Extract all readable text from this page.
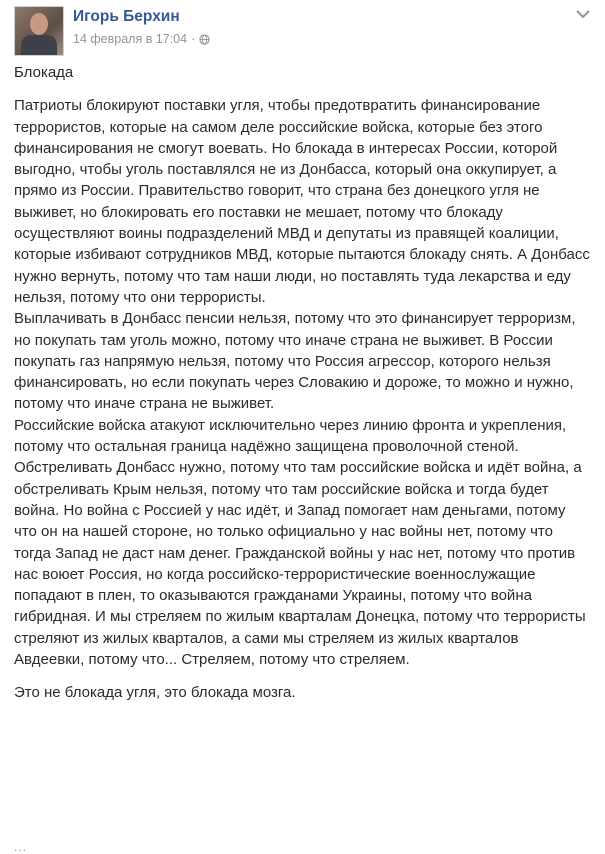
Игорь Берхин
14 февраля в 17:04 ·

Блокада

Патриоты блокируют поставки угля, чтобы предотвратить финансирование террористов, которые на самом деле российские войска, которые без этого финансирования не смогут воевать. Но блокада в интересах России, которой выгодно, чтобы уголь поставлялся не из Донбасса, который она оккупирует, а прямо из России. Правительство говорит, что страна без донецкого угля не выживет, но блокировать его поставки не мешает, потому что блокаду осуществляют воины подразделений МВД и депутаты из правящей коалиции, которые избивают сотрудников МВД, которые пытаются блокаду снять. А Донбасс нужно вернуть, потому что там наши люди, но поставлять туда лекарства и еду нельзя, потому что они террористы.

Выплачивать в Донбасс пенсии нельзя, потому что это финансирует терроризм, но покупать там уголь можно, потому что иначе страна не выживет. В России покупать газ напрямую нельзя, потому что Россия агрессор, которого нельзя финансировать, но если покупать через Словакию и дороже, то можно и нужно, потому что иначе страна не выживет.

Российские войска атакуют исключительно через линию фронта и укрепления, потому что остальная граница надёжно защищена проволочной стеной. Обстреливать Донбасс нужно, потому что там российские войска и идёт война, а обстреливать Крым нельзя, потому что там российские войска и тогда будет война. Но война с Россией у нас идёт, и Запад помогает нам деньгами, потому что он на нашей стороне, но только официально у нас войны нет, потому что тогда Запад не даст нам денег. Гражданской войны у нас нет, потому что против нас воюет Россия, но когда российско-террористические военнослужащие попадают в плен, то оказываются гражданами Украины, потому что война гибридная. И мы стреляем по жилым кварталам Донецка, потому что террористы стреляют из жилых кварталов, а сами мы стреляем из жилых кварталов Авдеевки, потому что... Стреляем, потому что стреляем.

Это не блокада угля, это блокада мозга.

...
